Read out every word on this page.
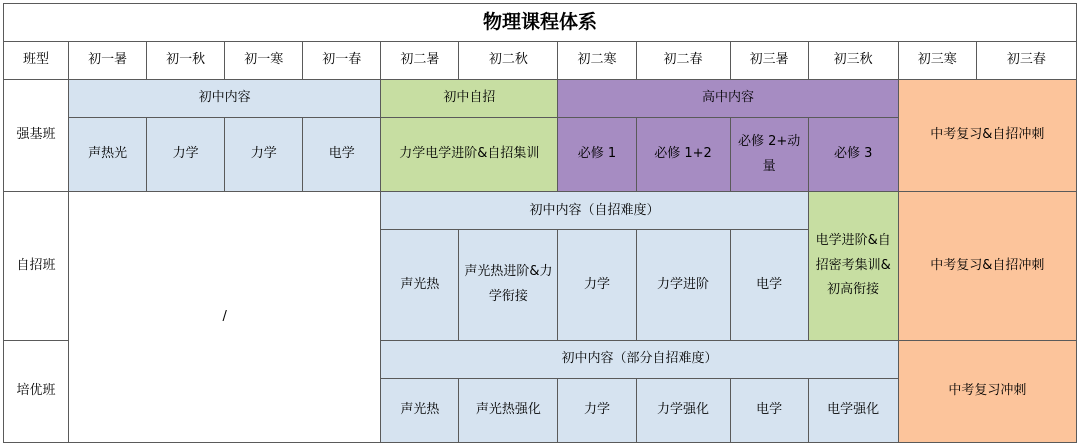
物理课程体系												
班型	初一暑	初一秋	初一寒	初一春	初二暑	初二秋	初二寒	初二春	初三暑	初三秋	初三寒	初三春
强基班	初中内容				初中自招		高中内容				中考复习&自招冲刺	
	声热光	力学	力学	电学	力学电学进阶&自招集训		必修 1	必修 1+2	必修 2+动量	必修 3		
自招班	/				初中内容（自招难度）					电学进阶&自招密考集训&初高衔接	中考复习&自招冲刺	
					声光热	声光热进阶&力学衔接	力学	力学进阶	电学			
培优班					初中内容（部分自招难度）						中考复习冲刺	
					声光热	声光热强化	力学	力学强化	电学	电学强化		
